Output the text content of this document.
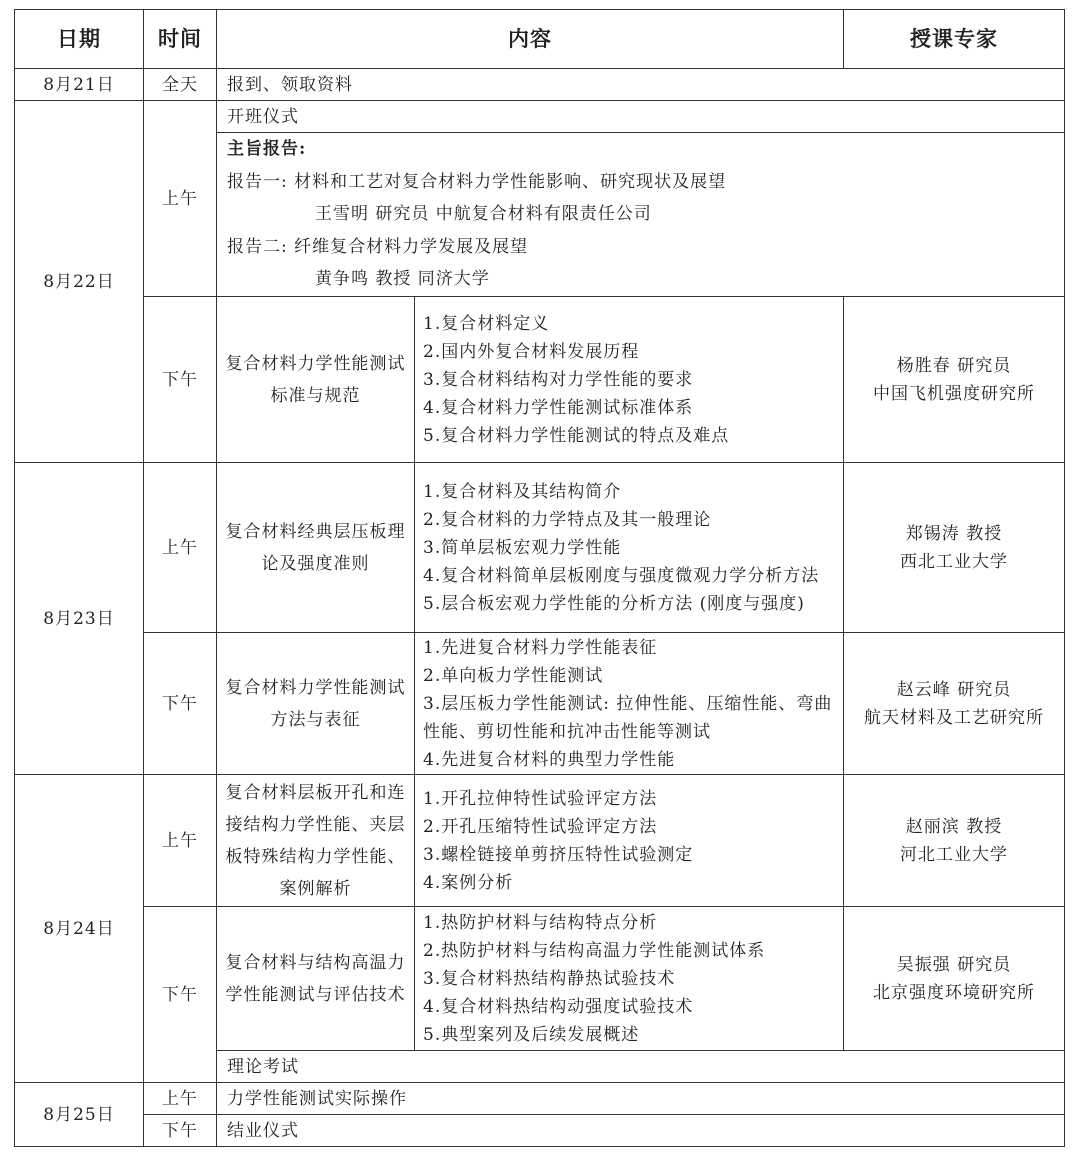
日期	时间	内容		授课专家
8月21日	全天	报到、领取资料		
8月22日	上午	开班仪式		

		主旨报告:
报告一: 材料和工艺对复合材料力学性能影响、研究现状及展望
王雪明 研究员 中航复合材料有限责任公司
报告二: 纤维复合材料力学发展及展望
黄争鸣 教授 同济大学		

	下午	复合材料力学性能测试标准与规范	1.复合材料定义
2.国内外复合材料发展历程
3.复合材料结构对力学性能的要求
4.复合材料力学性能测试标准体系
5.复合材料力学性能测试的特点及难点	杨胜春 研究员
中国飞机强度研究所

8月23日	上午	复合材料经典层压板理论及强度准则	1.复合材料及其结构简介
2.复合材料的力学特点及其一般理论
3.简单层板宏观力学性能
4.复合材料简单层板刚度与强度微观力学分析方法
5.层合板宏观力学性能的分析方法 (刚度与强度)	郑锡涛 教授
西北工业大学

	下午	复合材料力学性能测试方法与表征	1.先进复合材料力学性能表征
2.单向板力学性能测试
3.层压板力学性能测试: 拉伸性能、压缩性能、弯曲性能、剪切性能和抗冲击性能等测试
4.先进复合材料的典型力学性能	赵云峰 研究员
航天材料及工艺研究所

8月24日	上午	复合材料层板开孔和连接结构力学性能、夹层板特殊结构力学性能、案例解析	1.开孔拉伸特性试验评定方法
2.开孔压缩特性试验评定方法
3.螺栓链接单剪挤压特性试验测定
4.案例分析	赵丽滨 教授
河北工业大学

	下午	复合材料与结构高温力学性能测试与评估技术	1.热防护材料与结构特点分析
2.热防护材料与结构高温力学性能测试体系
3.复合材料热结构静热试验技术
4.复合材料热结构动强度试验技术
5.典型案列及后续发展概述	吴振强 研究员
北京强度环境研究所

		理论考试		
8月25日	上午	力学性能测试实际操作		
	下午	结业仪式		
